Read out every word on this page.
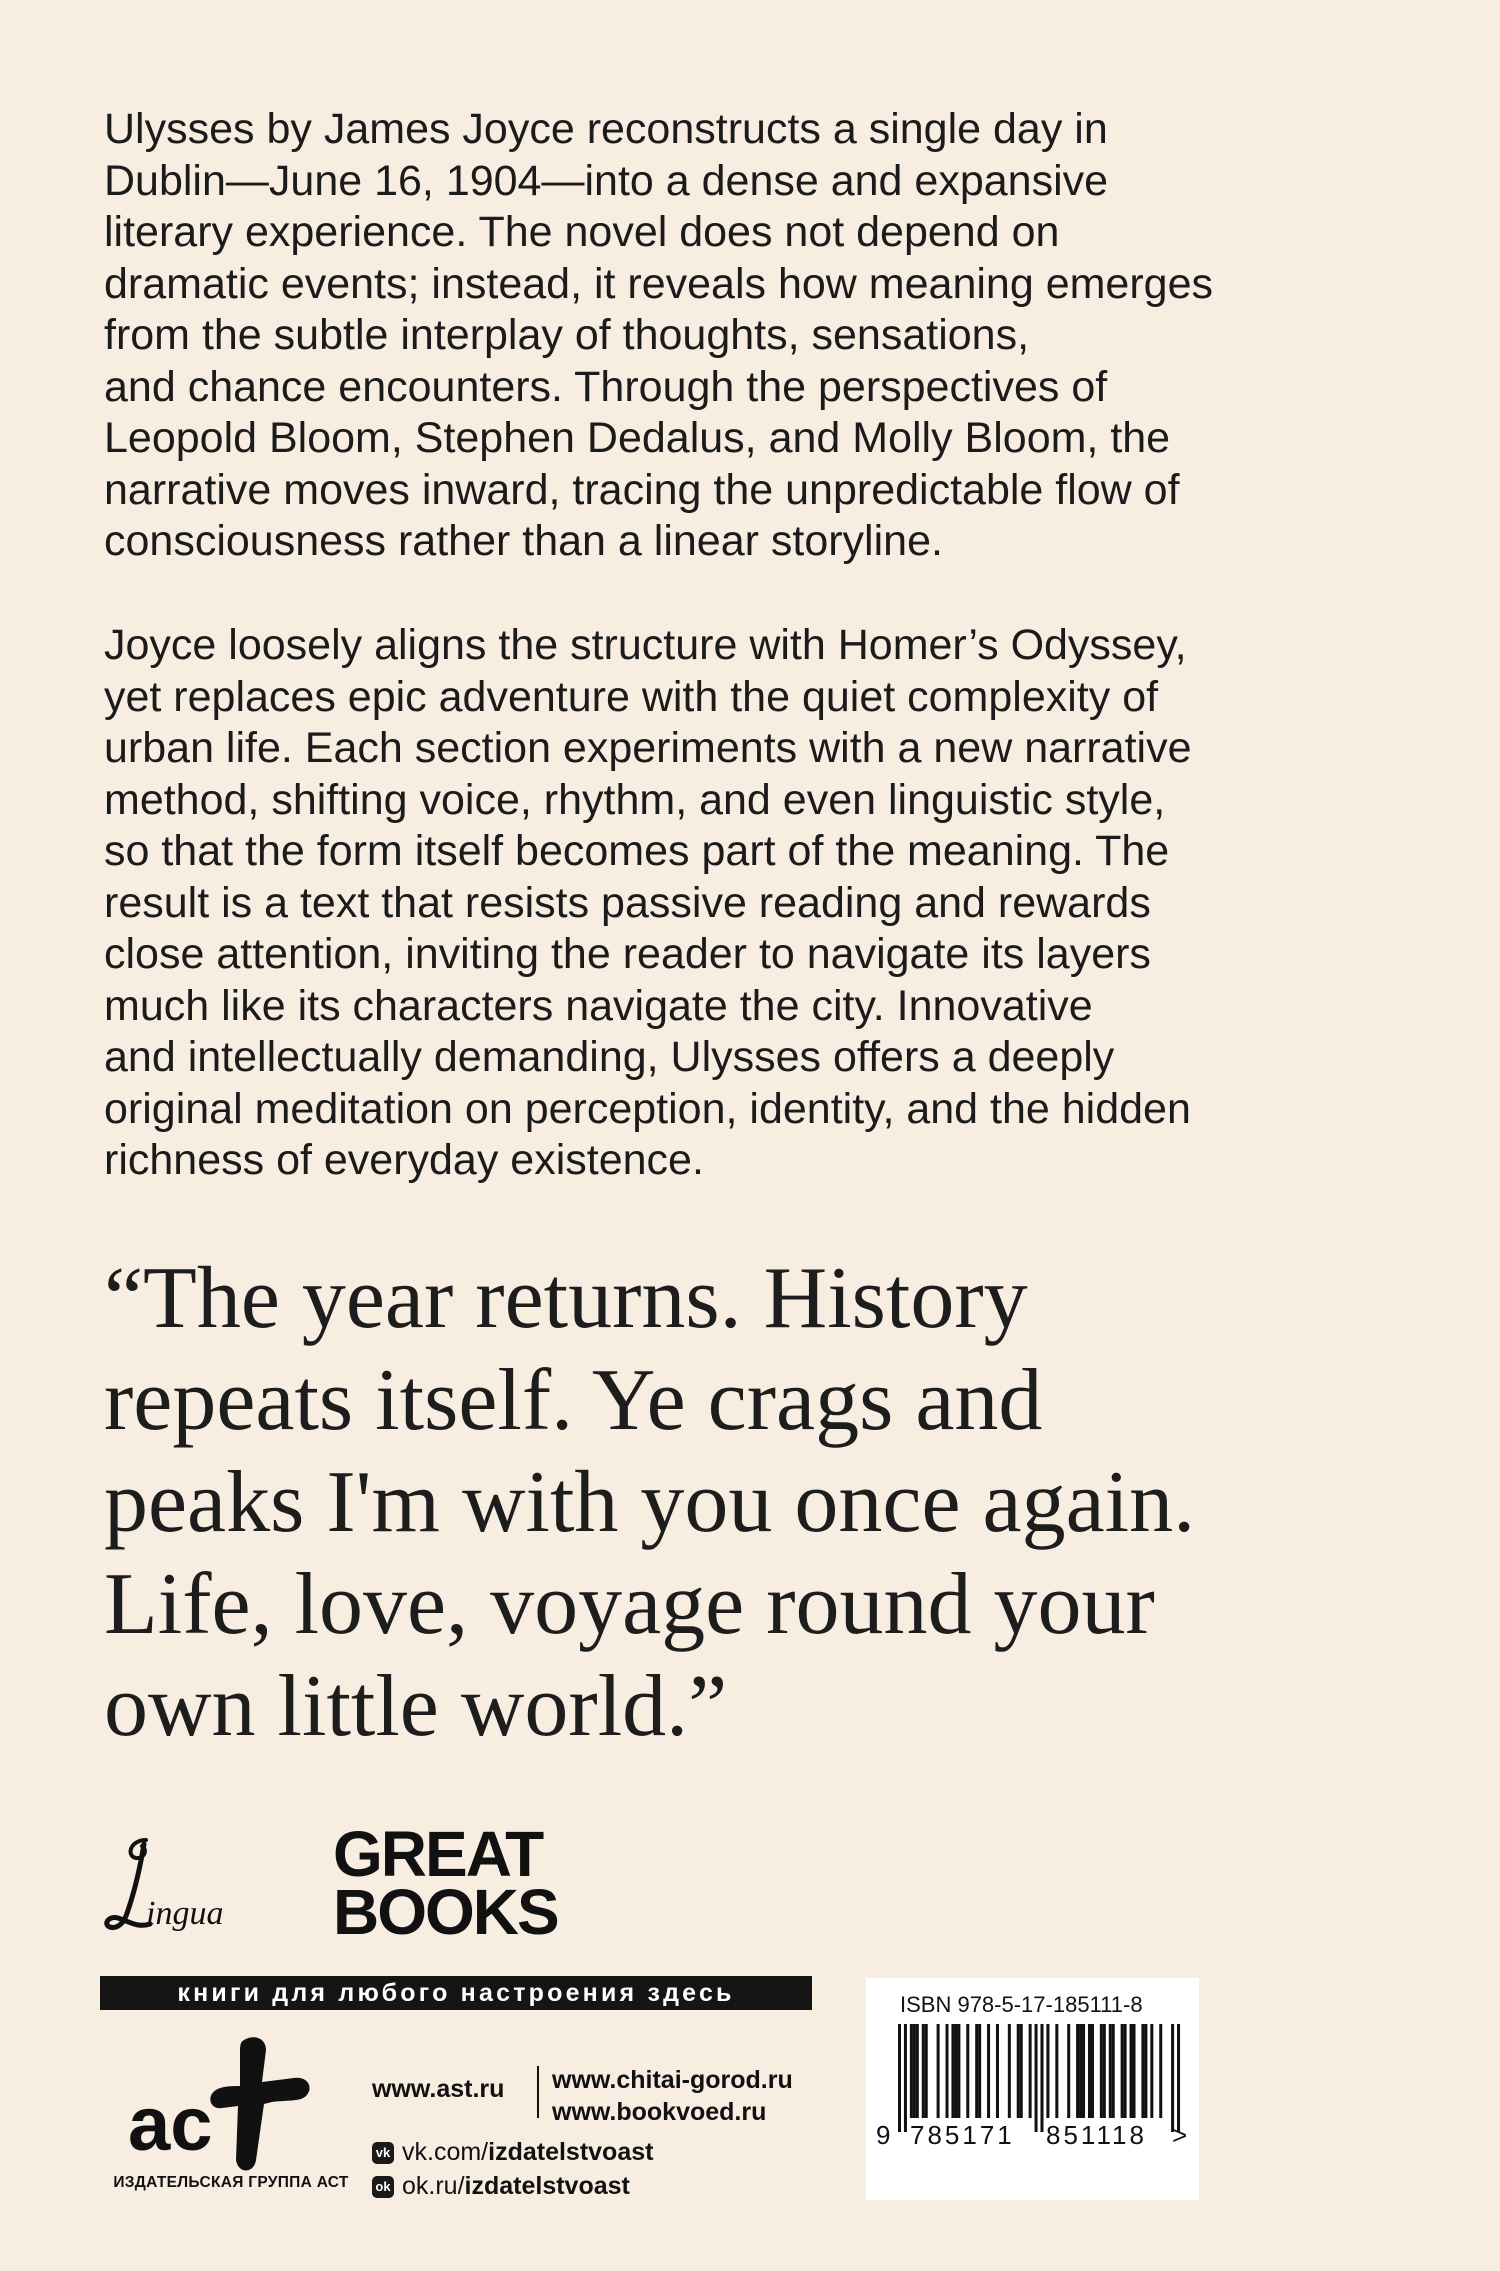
Ulysses by James Joyce reconstructs a single day in
Dublin—June 16, 1904—into a dense and expansive
literary experience. The novel does not depend on
dramatic events; instead, it reveals how meaning emerges
from the subtle interplay of thoughts, sensations,
and chance encounters. Through the perspectives of
Leopold Bloom, Stephen Dedalus, and Molly Bloom, the
narrative moves inward, tracing the unpredictable flow of
consciousness rather than a linear storyline.
Joyce loosely aligns the structure with Homer’s Odyssey,
yet replaces epic adventure with the quiet complexity of
urban life. Each section experiments with a new narrative
method, shifting voice, rhythm, and even linguistic style,
so that the form itself becomes part of the meaning. The
result is a text that resists passive reading and rewards
close attention, inviting the reader to navigate its layers
much like its characters navigate the city. Innovative
and intellectually demanding, Ulysses offers a deeply
original meditation on perception, identity, and the hidden
richness of everyday existence.
“The year returns. History
repeats itself. Ye crags and
peaks I'm with you once again.
Life, love, voyage round your
own little world.”
ingua
GREAT
BOOKS
книги для любого настроения здесь
ac
ИЗДАТЕЛЬСКАЯ ГРУППА АСТ
www.ast.ru www.chitai-gorod.ru
www.bookvoed.ru
vk vk.com/ izdatelstvoast
ok ok.ru/ izdatelstvoast
ISBN 978-5-17-185111-8
9 785171 851118 >
